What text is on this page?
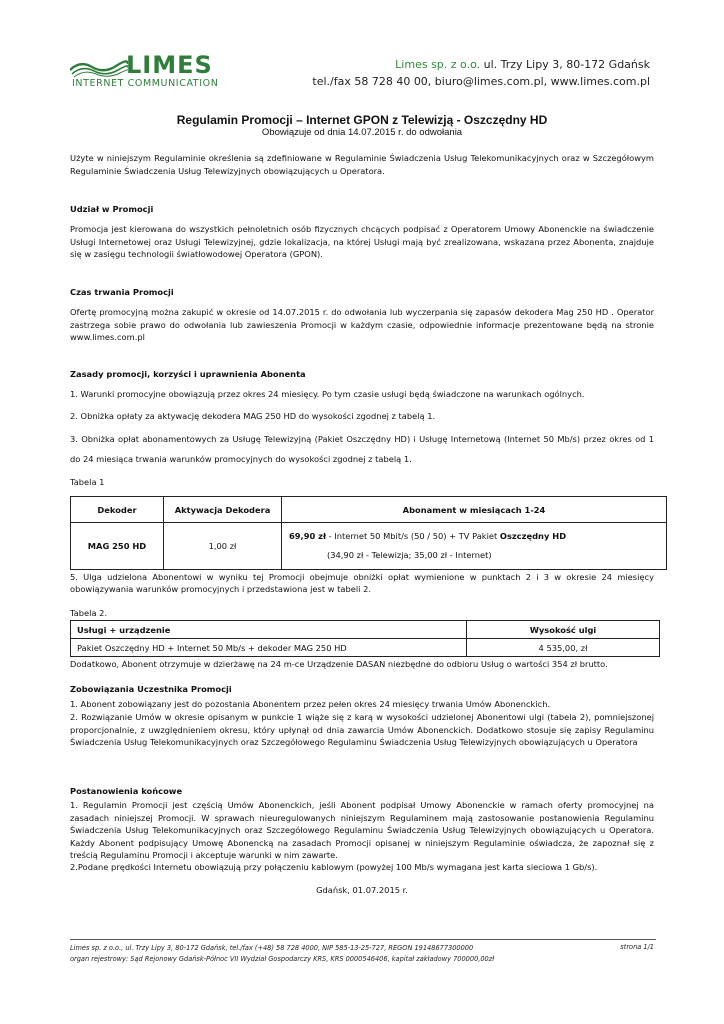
LIMES
INTERNET COMMUNICATION
Limes sp. z o.o. ul. Trzy Lipy 3, 80-172 Gdańsk
tel./fax 58 728 40 00, biuro@limes.com.pl, www.limes.com.pl
Regulamin Promocji – Internet GPON z Telewizją - Oszczędny HD
Obowiązuje od dnia 14.07.2015 r. do odwołania
Użyte w niniejszym Regulaminie określenia są zdefiniowane w Regulaminie Świadczenia Usług Telekomunikacyjnych oraz w Szczegółowym Regulaminie Świadczenia Usług Telewizyjnych obowiązujących u Operatora.
Udział w Promocji
Promocja jest kierowana do wszystkich pełnoletnich osób fizycznych chcących podpisać z Operatorem Umowy Abonenckie na świadczenie Usługi Internetowej oraz Usługi Telewizyjnej, gdzie lokalizacja, na której Usługi mają być zrealizowana, wskazana przez Abonenta, znajduje się w zasięgu technologii światłowodowej Operatora (GPON).
Czas trwania Promocji
Ofertę promocyjną można zakupić w okresie od 14.07.2015 r. do odwołania lub wyczerpania się zapasów dekodera Mag 250 HD . Operator zastrzega sobie prawo do odwołania lub zawieszenia Promocji w każdym czasie, odpowiednie informacje prezentowane będą na stronie www.limes.com.pl
Zasady promocji, korzyści i uprawnienia Abonenta
1. Warunki promocyjne obowiązują przez okres 24 miesięcy. Po tym czasie usługi będą świadczone na warunkach ogólnych.
2. Obniżka opłaty za aktywację dekodera MAG 250 HD do wysokości zgodnej z tabelą 1.
3. Obniżka opłat abonamentowych za Usługę Telewizyjną (Pakiet Oszczędny HD) i Usługę Internetową (Internet 50 Mb/s) przez okres od 1
do 24 miesiąca trwania warunków promocyjnych do wysokości zgodnej z tabelą 1.
Tabela 1
Dekoder	Aktywacja Dekodera	Abonament w miesiącach 1-24
MAG 250 HD	1,00 zł	69,90 zł - Internet 50 Mbit/s (50 / 50) + TV Pakiet Oszczędny HD
(34,90 zł - Telewizja; 35,00 zł - Internet)
5. Ulga udzielona Abonentowi w wyniku tej Promocji obejmuje obniżki opłat wymienione w punktach 2 i 3 w okresie 24 miesięcy obowiązywania warunków promocyjnych i przedstawiona jest w tabeli 2.
Tabela 2.
Usługi + urządzenie	Wysokość ulgi
Pakiet Oszczędny HD + Internet 50 Mb/s + dekoder MAG 250 HD	4 535,00, zł
Dodatkowo, Abonent otrzymuje w dzierżawę na 24 m-ce Urządzenie DASAN niezbędne do odbioru Usług o wartości 354 zł brutto.
Zobowiązania Uczestnika Promocji
1. Abonent zobowiązany jest do pozostania Abonentem przez pełen okres 24 miesięcy trwania Umów Abonenckich.
2. Rozwiązanie Umów w okresie opisanym w punkcie 1 wiąże się z karą w wysokości udzielonej Abonentowi ulgi (tabela 2), pomniejszonej proporcjonalnie, z uwzględnieniem okresu, który upłynął od dnia zawarcia Umów Abonenckich. Dodatkowo stosuje się zapisy Regulaminu Świadczenia Usług Telekomunikacyjnych oraz Szczegółowego Regulaminu Świadczenia Usług Telewizyjnych obowiązujących u Operatora
Postanowienia końcowe
1. Regulamin Promocji jest częścią Umów Abonenckich, jeśli Abonent podpisał Umowy Abonenckie w ramach oferty promocyjnej na zasadach niniejszej Promocji. W sprawach nieuregulowanych niniejszym Regulaminem mają zastosowanie postanowienia Regulaminu Świadczenia Usług Telekomunikacyjnych oraz Szczegółowego Regulaminu Świadczenia Usług Telewizyjnych obowiązujących u Operatora. Każdy Abonent podpisujący Umowę Abonencką na zasadach Promocji opisanej w niniejszym Regulaminie oświadcza, że zapoznał się z treścią Regulaminu Promocji i akceptuje warunki w nim zawarte.
2.Podane prędkości Internetu obowiązują przy połączeniu kablowym (powyżej 100 Mb/s wymagana jest karta sieciowa 1 Gb/s).
Gdańsk, 01.07.2015 r.
Limes sp. z o.o., ul. Trzy Lipy 3, 80-172 Gdańsk, tel./fax (+48) 58 728 4000, NIP 585-13-25-727, REGON 19148677300000
organ rejestrowy: Sąd Rejonowy Gdańsk-Północ VII Wydział Gospodarczy KRS, KRS 0000546406, kapitał zakładowy 700000,00zł
strona 1/1
